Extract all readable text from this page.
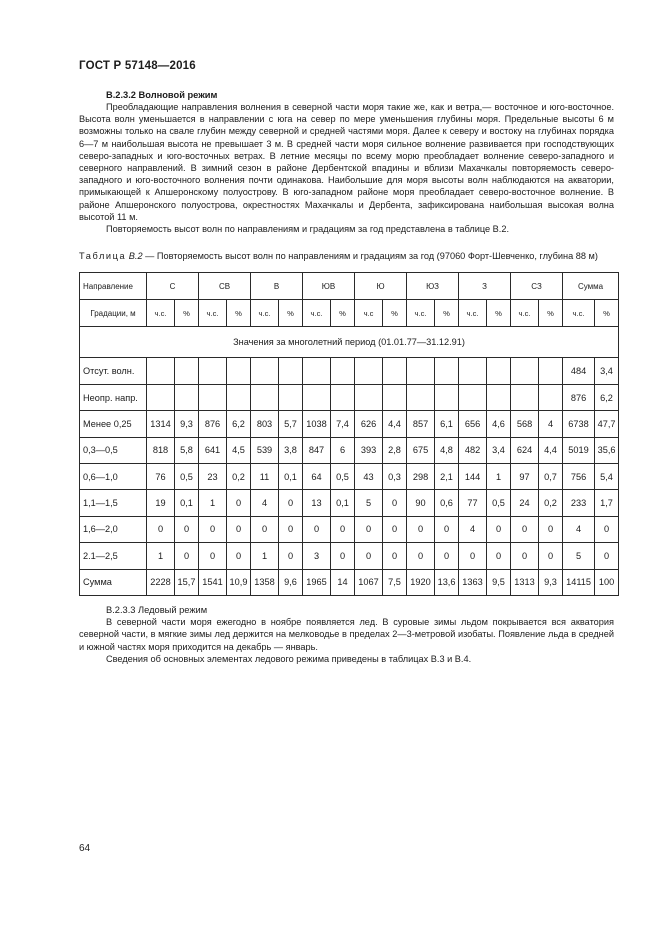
ГОСТ Р 57148—2016
В.2.3.2 Волновой режим

Преобладающие направления волнения в северной части моря такие же, как и ветра,— восточное и юго-восточное. Высота волн уменьшается в направлении с юга на север по мере уменьшения глубины моря. Предельные высоты 6 м возможны только на свале глубин между северной и средней частями моря. Далее к северу и востоку на глубинах порядка 6—7 м наибольшая высота не превышает 3 м. В средней части моря сильное волнение развивается при господствующих северо-западных и юго-восточных ветрах. В летние месяцы по всему морю преобладает волнение северо-западного и северного направлений. В зимний сезон в районе Дербентской впадины и вблизи Махачкалы повторяемость северо-западного и юго-восточного волнения почти одинакова. Наибольшие для моря высоты волн наблюдаются на акватории, примыкающей к Апшеронскому полуострову. В юго-западном районе моря преобладает северо-восточное волнение. В районе Апшеронского полуострова, окрестностях Махачкалы и Дербента, зафиксирована наибольшая высокая волна высотой 11 м.

Повторяемость высот волн по направлениям и градациям за год представлена в таблице В.2.

Таблица В.2 — Повторяемость высот волн по направлениям и градациям за год (97060 Форт-Шевченко, глубина 88 м)
Направление	С		СВ		В		ЮВ		Ю		ЮЗ		З		СЗ		Сумма	
Градации, м	ч.с.	%	ч.с.	%	ч.с.	%	ч.с.	%	ч.с	%	ч.с.	%	ч.с.	%	ч.с.	%	ч.с.	%
Значения за многолетний период (01.01.77—31.12.91)																		
Отсут. волн.																	484	3,4
Неопр. напр.																	876	6,2
Менее 0,25	1314	9,3	876	6,2	803	5,7	1038	7,4	626	4,4	857	6,1	656	4,6	568	4	6738	47,7
0,3—0,5	818	5,8	641	4,5	539	3,8	847	6	393	2,8	675	4,8	482	3,4	624	4,4	5019	35,6
0,6—1,0	76	0,5	23	0,2	11	0,1	64	0,5	43	0,3	298	2,1	144	1	97	0,7	756	5,4
1,1—1,5	19	0,1	1	0	4	0	13	0,1	5	0	90	0,6	77	0,5	24	0,2	233	1,7
1,6—2,0	0	0	0	0	0	0	0	0	0	0	0	0	4	0	0	0	4	0
2.1—2,5	1	0	0	0	1	0	3	0	0	0	0	0	0	0	0	0	5	0
Сумма	2228	15,7	1541	10,9	1358	9,6	1965	14	1067	7,5	1920	13,6	1363	9,5	1313	9,3	14115	100
В.2.3.3 Ледовый режим

В северной части моря ежегодно в ноябре появляется лед. В суровые зимы льдом покрывается вся акватория северной части, в мягкие зимы лед держится на мелководье в пределах 2—3-метровой изобаты. Появление льда в средней и южной частях моря приходится на декабрь — январь.

Сведения об основных элементах ледового режима приведены в таблицах В.3 и В.4.

64
